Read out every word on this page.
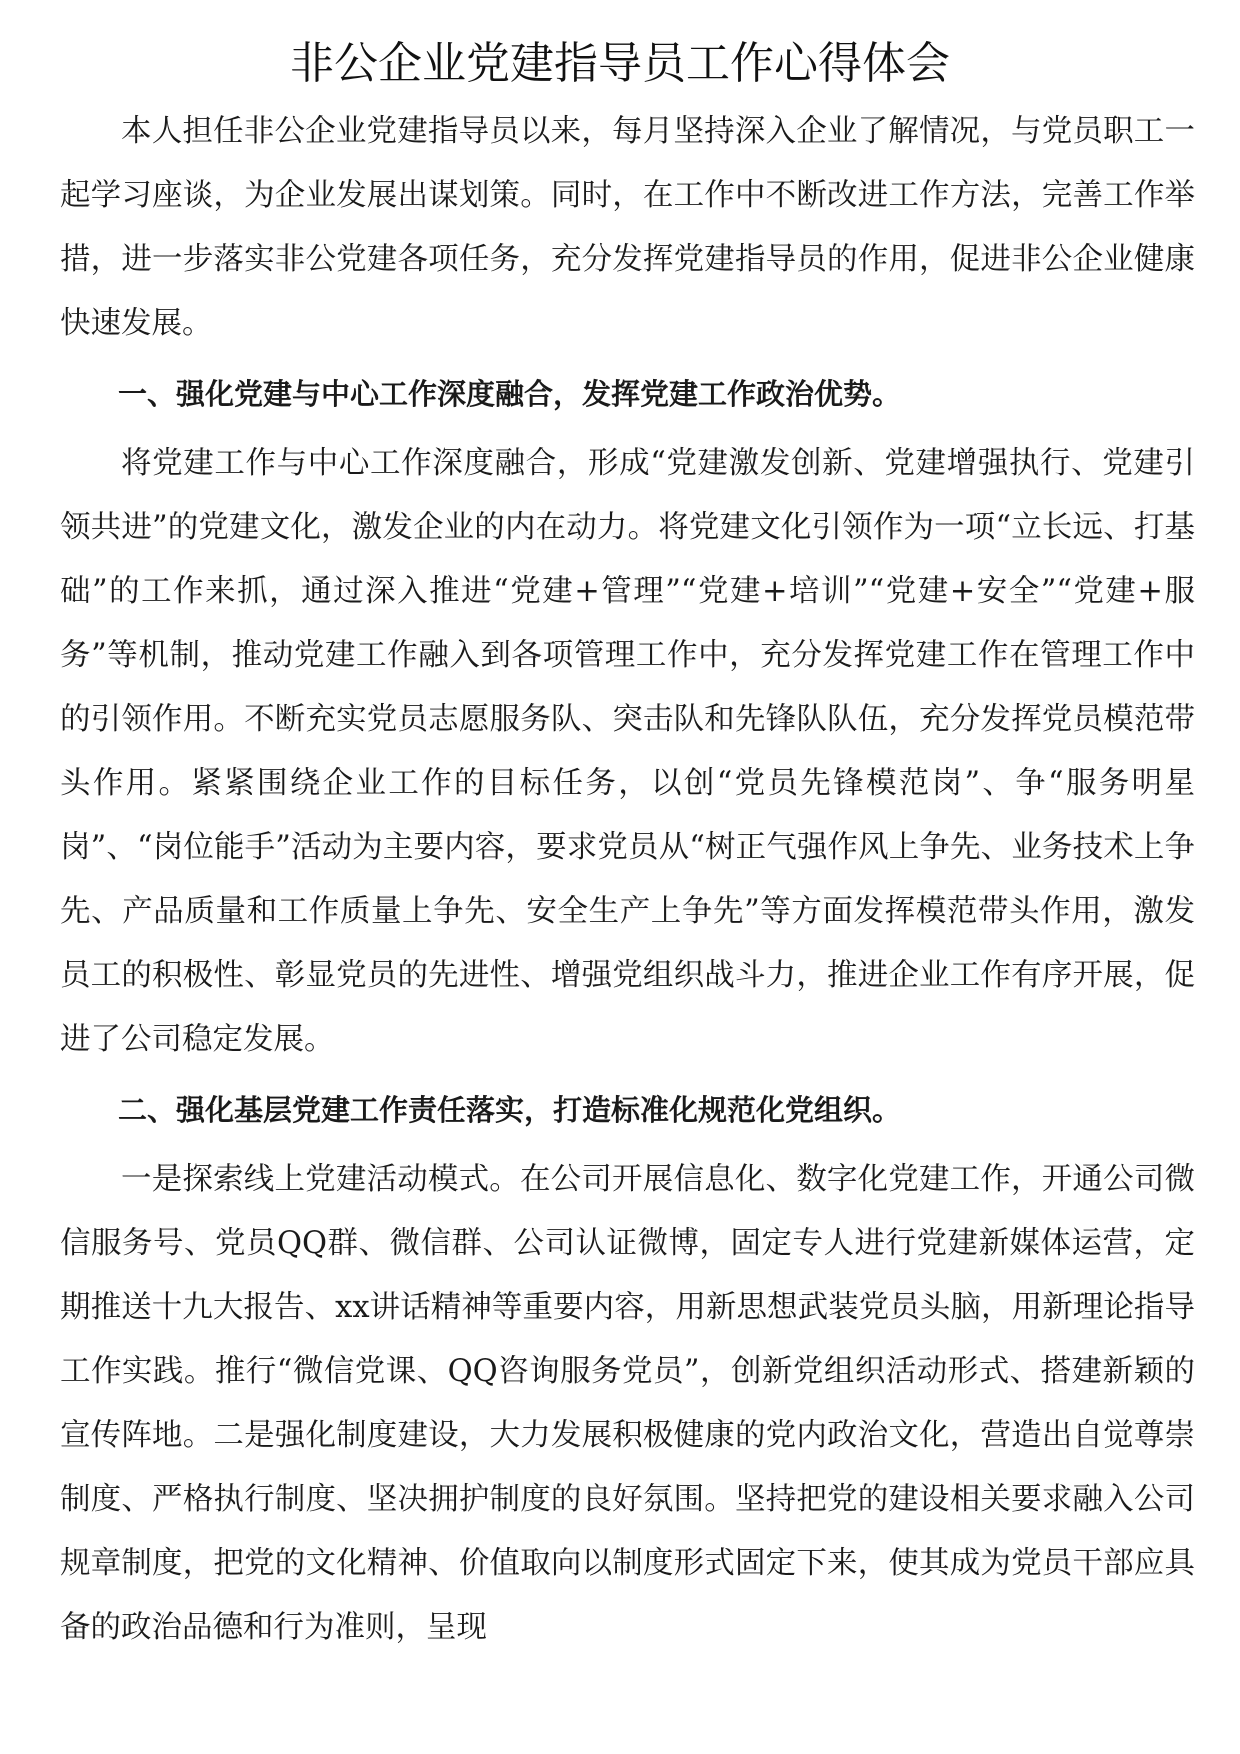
非公企业党建指导员工作心得体会

本人担任非公企业党建指导员以来，每月坚持深入企业了解情况，与党员职工一起学习座谈，为企业发展出谋划策。同时，在工作中不断改进工作方法，完善工作举措，进一步落实非公党建各项任务，充分发挥党建指导员的作用，促进非公企业健康快速发展。

一、强化党建与中心工作深度融合，发挥党建工作政治优势。

将党建工作与中心工作深度融合，形成“党建激发创新、党建增强执行、党建引领共进”的党建文化，激发企业的内在动力。将党建文化引领作为一项“立长远、打基础”的工作来抓，通过深入推进“党建+管理”“党建+培训”“党建+安全”“党建+服务”等机制，推动党建工作融入到各项管理工作中，充分发挥党建工作在管理工作中的引领作用。不断充实党员志愿服务队、突击队和先锋队队伍，充分发挥党员模范带头作用。紧紧围绕企业工作的目标任务，以创“党员先锋模范岗”、争“服务明星岗”、“岗位能手”活动为主要内容，要求党员从“树正气强作风上争先、业务技术上争先、产品质量和工作质量上争先、安全生产上争先”等方面发挥模范带头作用，激发员工的积极性、彰显党员的先进性、增强党组织战斗力，推进企业工作有序开展，促进了公司稳定发展。

二、强化基层党建工作责任落实，打造标准化规范化党组织。

一是探索线上党建活动模式。在公司开展信息化、数字化党建工作，开通公司微信服务号、党员QQ群、微信群、公司认证微博，固定专人进行党建新媒体运营，定期推送十九大报告、xx讲话精神等重要内容，用新思想武装党员头脑，用新理论指导工作实践。推行“微信党课、QQ咨询服务党员”，创新党组织活动形式、搭建新颖的宣传阵地。二是强化制度建设，大力发展积极健康的党内政治文化，营造出自觉尊崇制度、严格执行制度、坚决拥护制度的良好氛围。坚持把党的建设相关要求融入公司规章制度，把党的文化精神、价值取向以制度形式固定下来，使其成为党员干部应具备的政治品德和行为准则，呈现
